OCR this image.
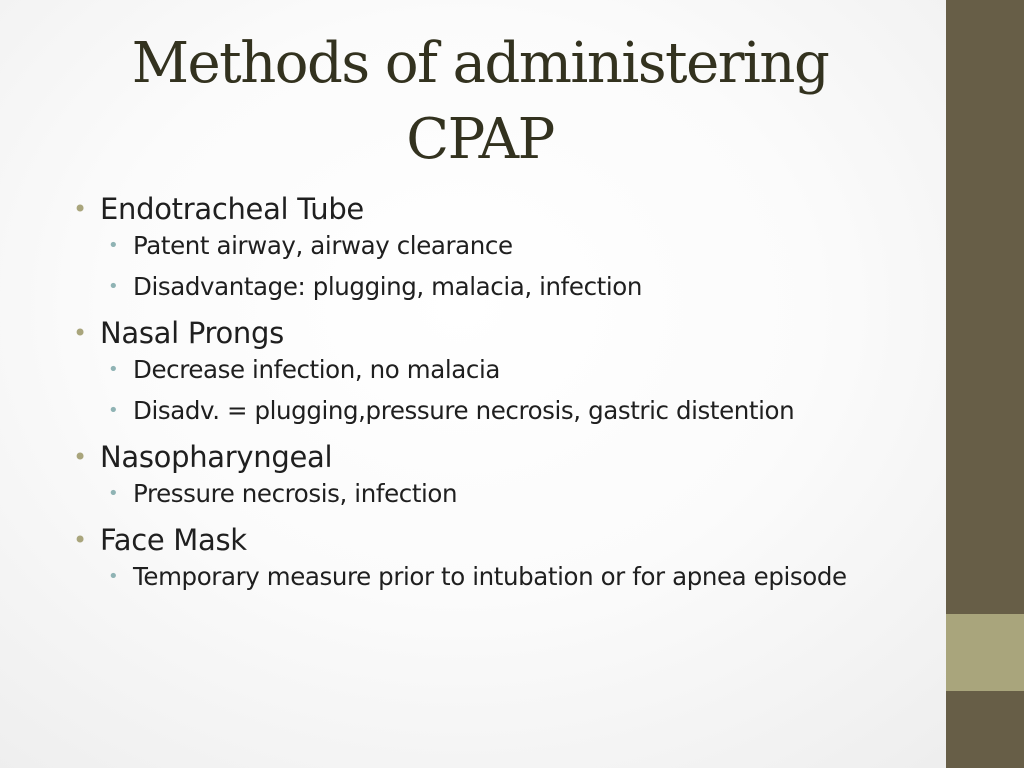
Methods of administering CPAP
• Endotracheal Tube
• Patent airway, airway clearance
• Disadvantage: plugging, malacia, infection
• Nasal Prongs
• Decrease infection, no malacia
• Disadv. = plugging,pressure necrosis, gastric distention
• Nasopharyngeal
• Pressure necrosis, infection
• Face Mask
• Temporary measure prior to intubation or for apnea episode
